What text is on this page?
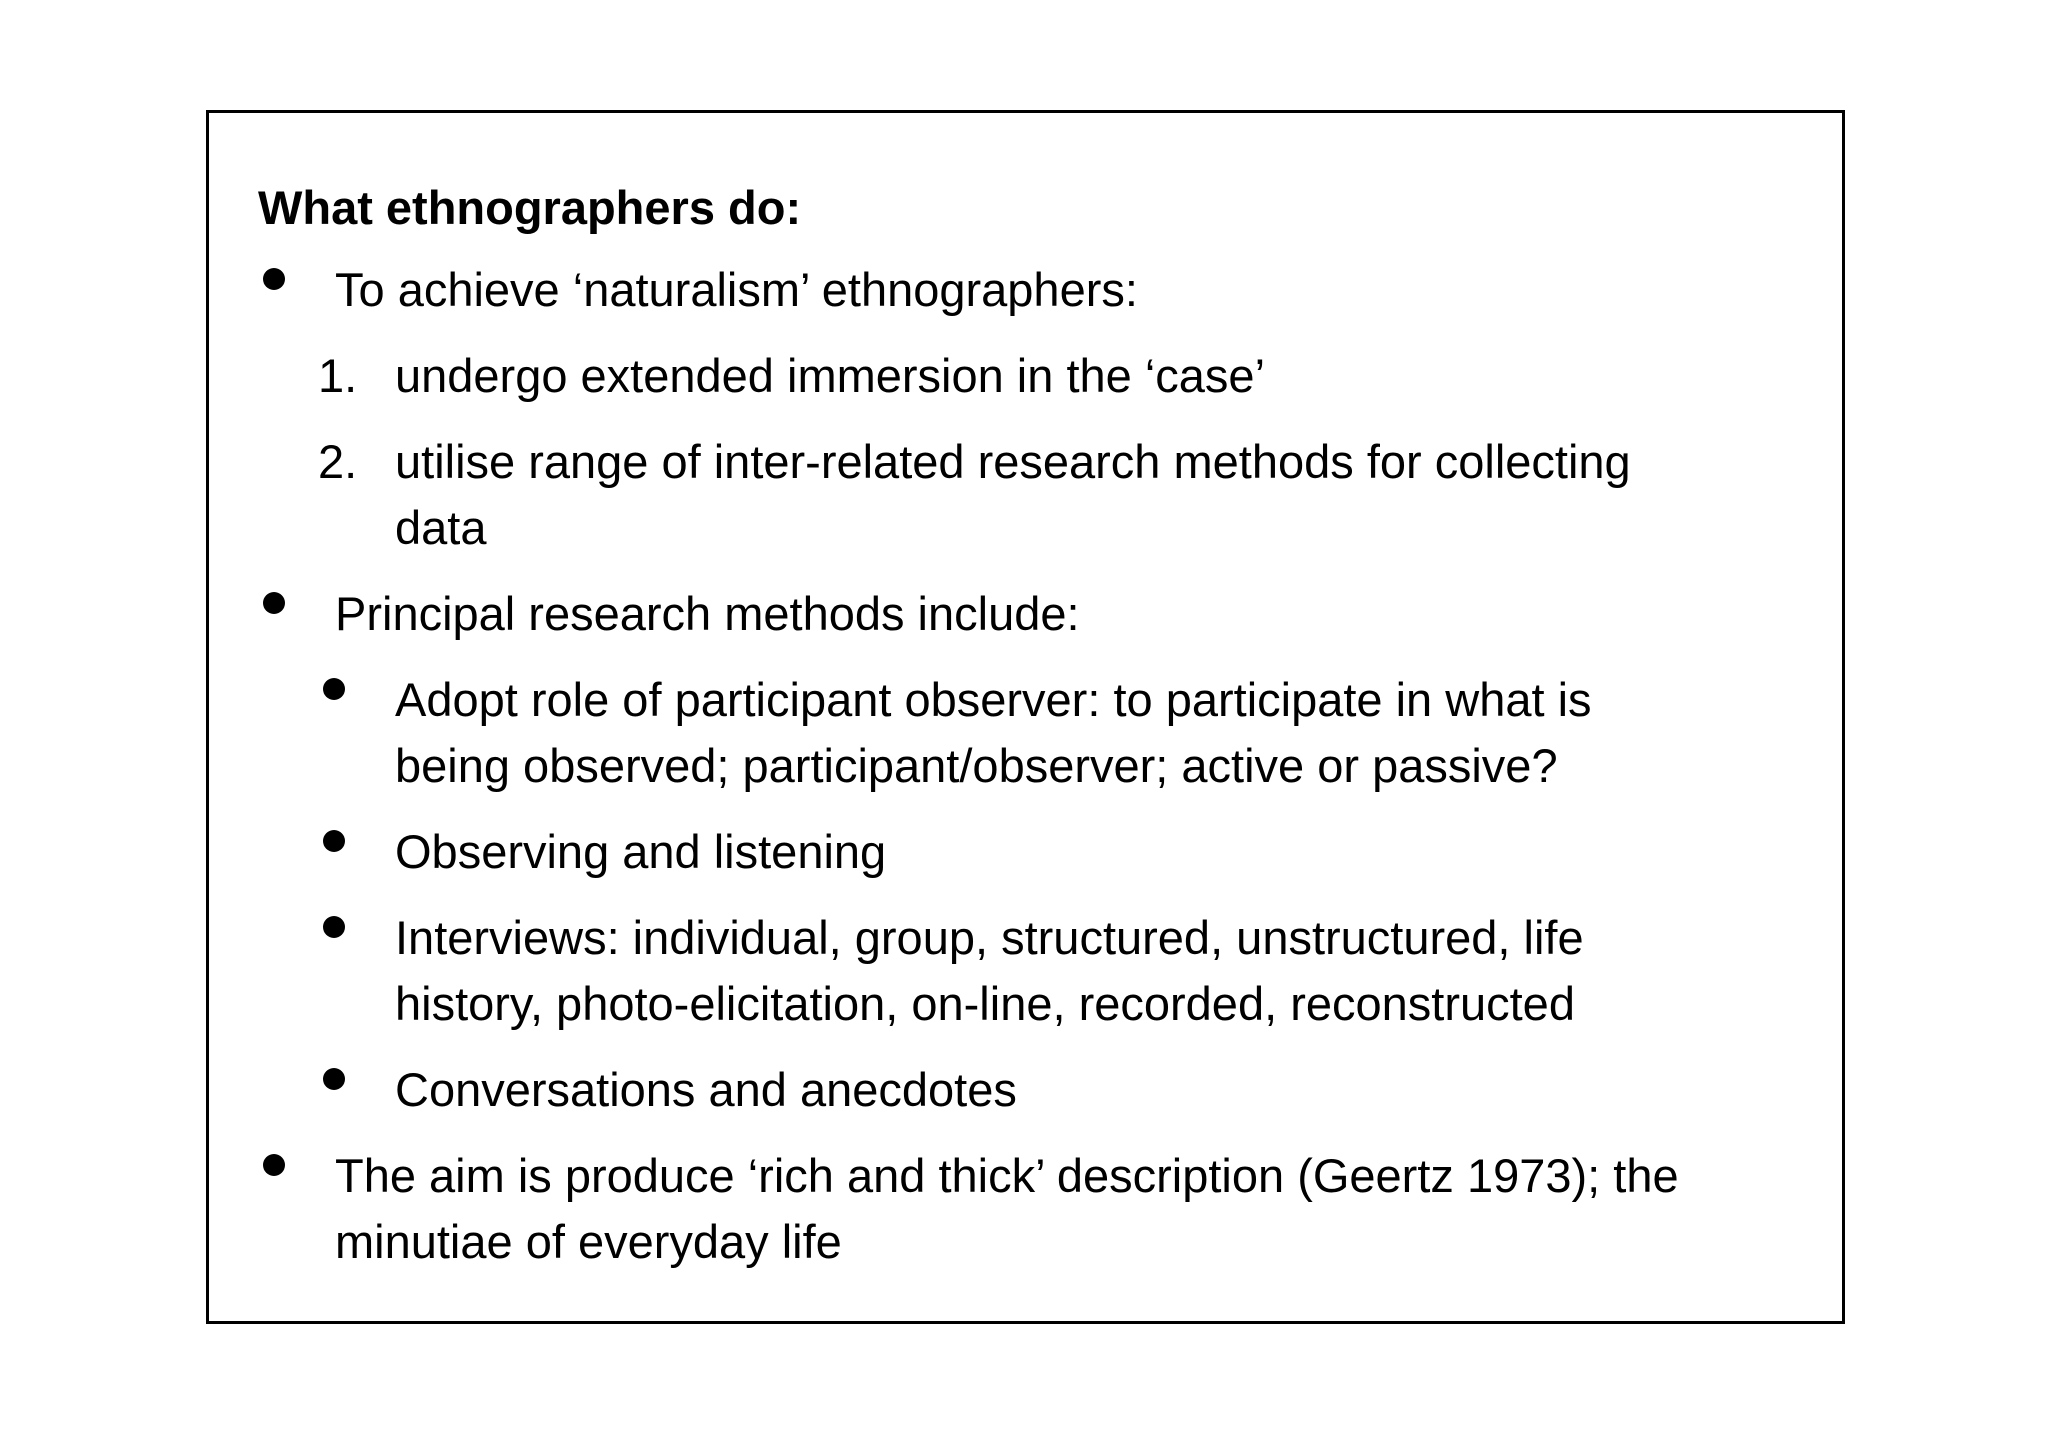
What ethnographers do:
To achieve ‘naturalism’ ethnographers:
1. undergo extended immersion in the ‘case’
2. utilise range of inter-related research methods for collecting
data
Principal research methods include:
Adopt role of participant observer: to participate in what is
being observed; participant/observer; active or passive?
Observing and listening
Interviews: individual, group, structured, unstructured, life
history, photo-elicitation, on-line, recorded, reconstructed
Conversations and anecdotes
The aim is produce ‘rich and thick’ description (Geertz 1973); the
minutiae of everyday life
